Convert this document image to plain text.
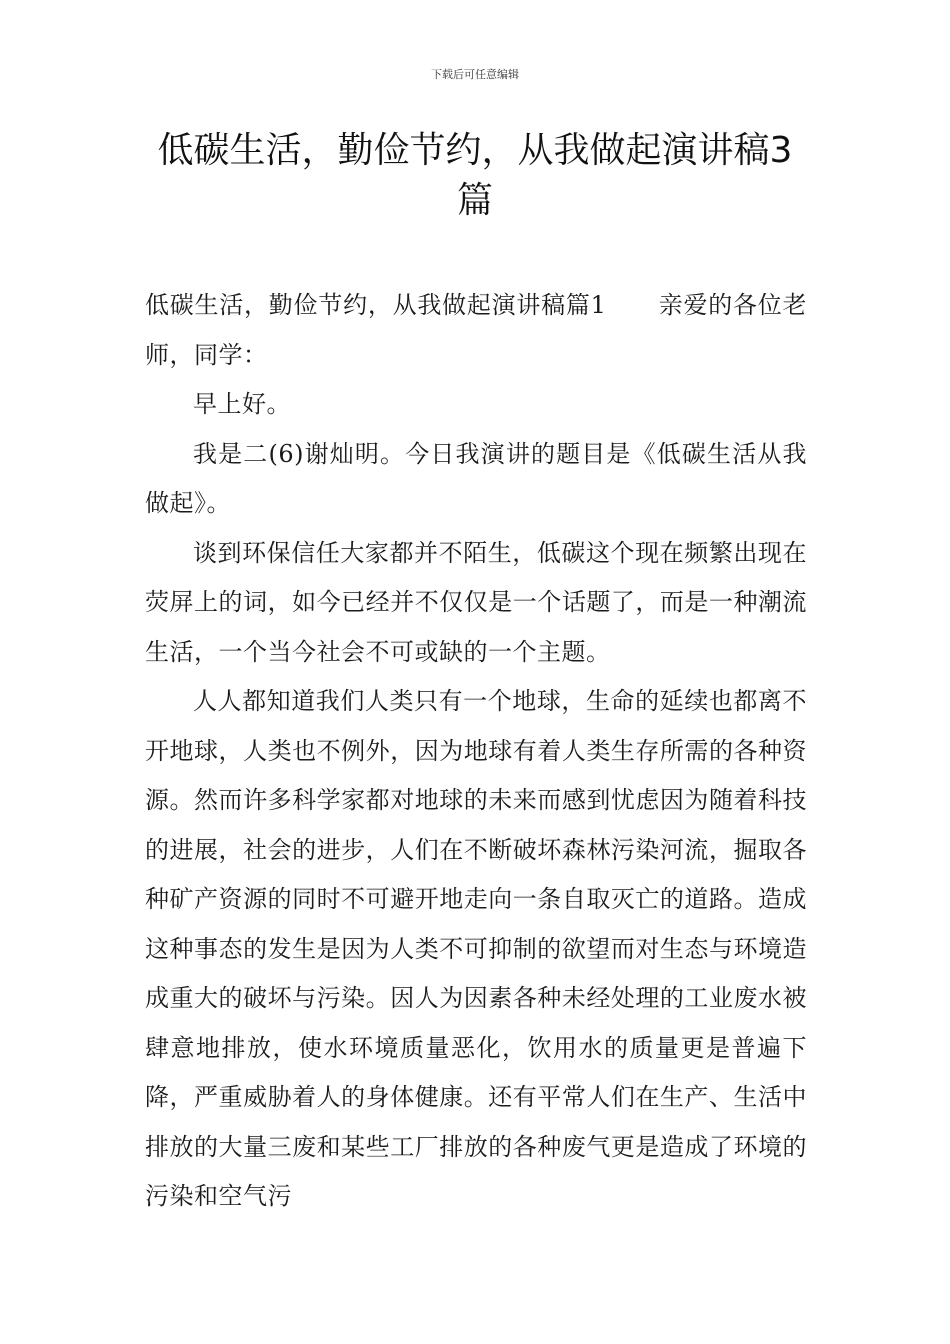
下载后可任意编辑
低碳生活，勤俭节约，从我做起演讲稿3篇

低碳生活，勤俭节约，从我做起演讲稿篇1 亲爱的各位老师，同学：

早上好。

我是二(6)谢灿明。今日我演讲的题目是《低碳生活从我做起》。

谈到环保信任大家都并不陌生，低碳这个现在频繁出现在荧屏上的词，如今已经并不仅仅是一个话题了，而是一种潮流生活，一个当今社会不可或缺的一个主题。

人人都知道我们人类只有一个地球，生命的延续也都离不开地球，人类也不例外，因为地球有着人类生存所需的各种资源。然而许多科学家都对地球的未来而感到忧虑因为随着科技的进展，社会的进步，人们在不断破坏森林污染河流，掘取各种矿产资源的同时不可避开地走向一条自取灭亡的道路。造成这种事态的发生是因为人类不可抑制的欲望而对生态与环境造成重大的破坏与污染。因人为因素各种未经处理的工业废水被肆意地排放，使水环境质量恶化，饮用水的质量更是普遍下降，严重威胁着人的身体健康。还有平常人们在生产、生活中排放的大量三废和某些工厂排放的各种废气更是造成了环境的污染和空气污
